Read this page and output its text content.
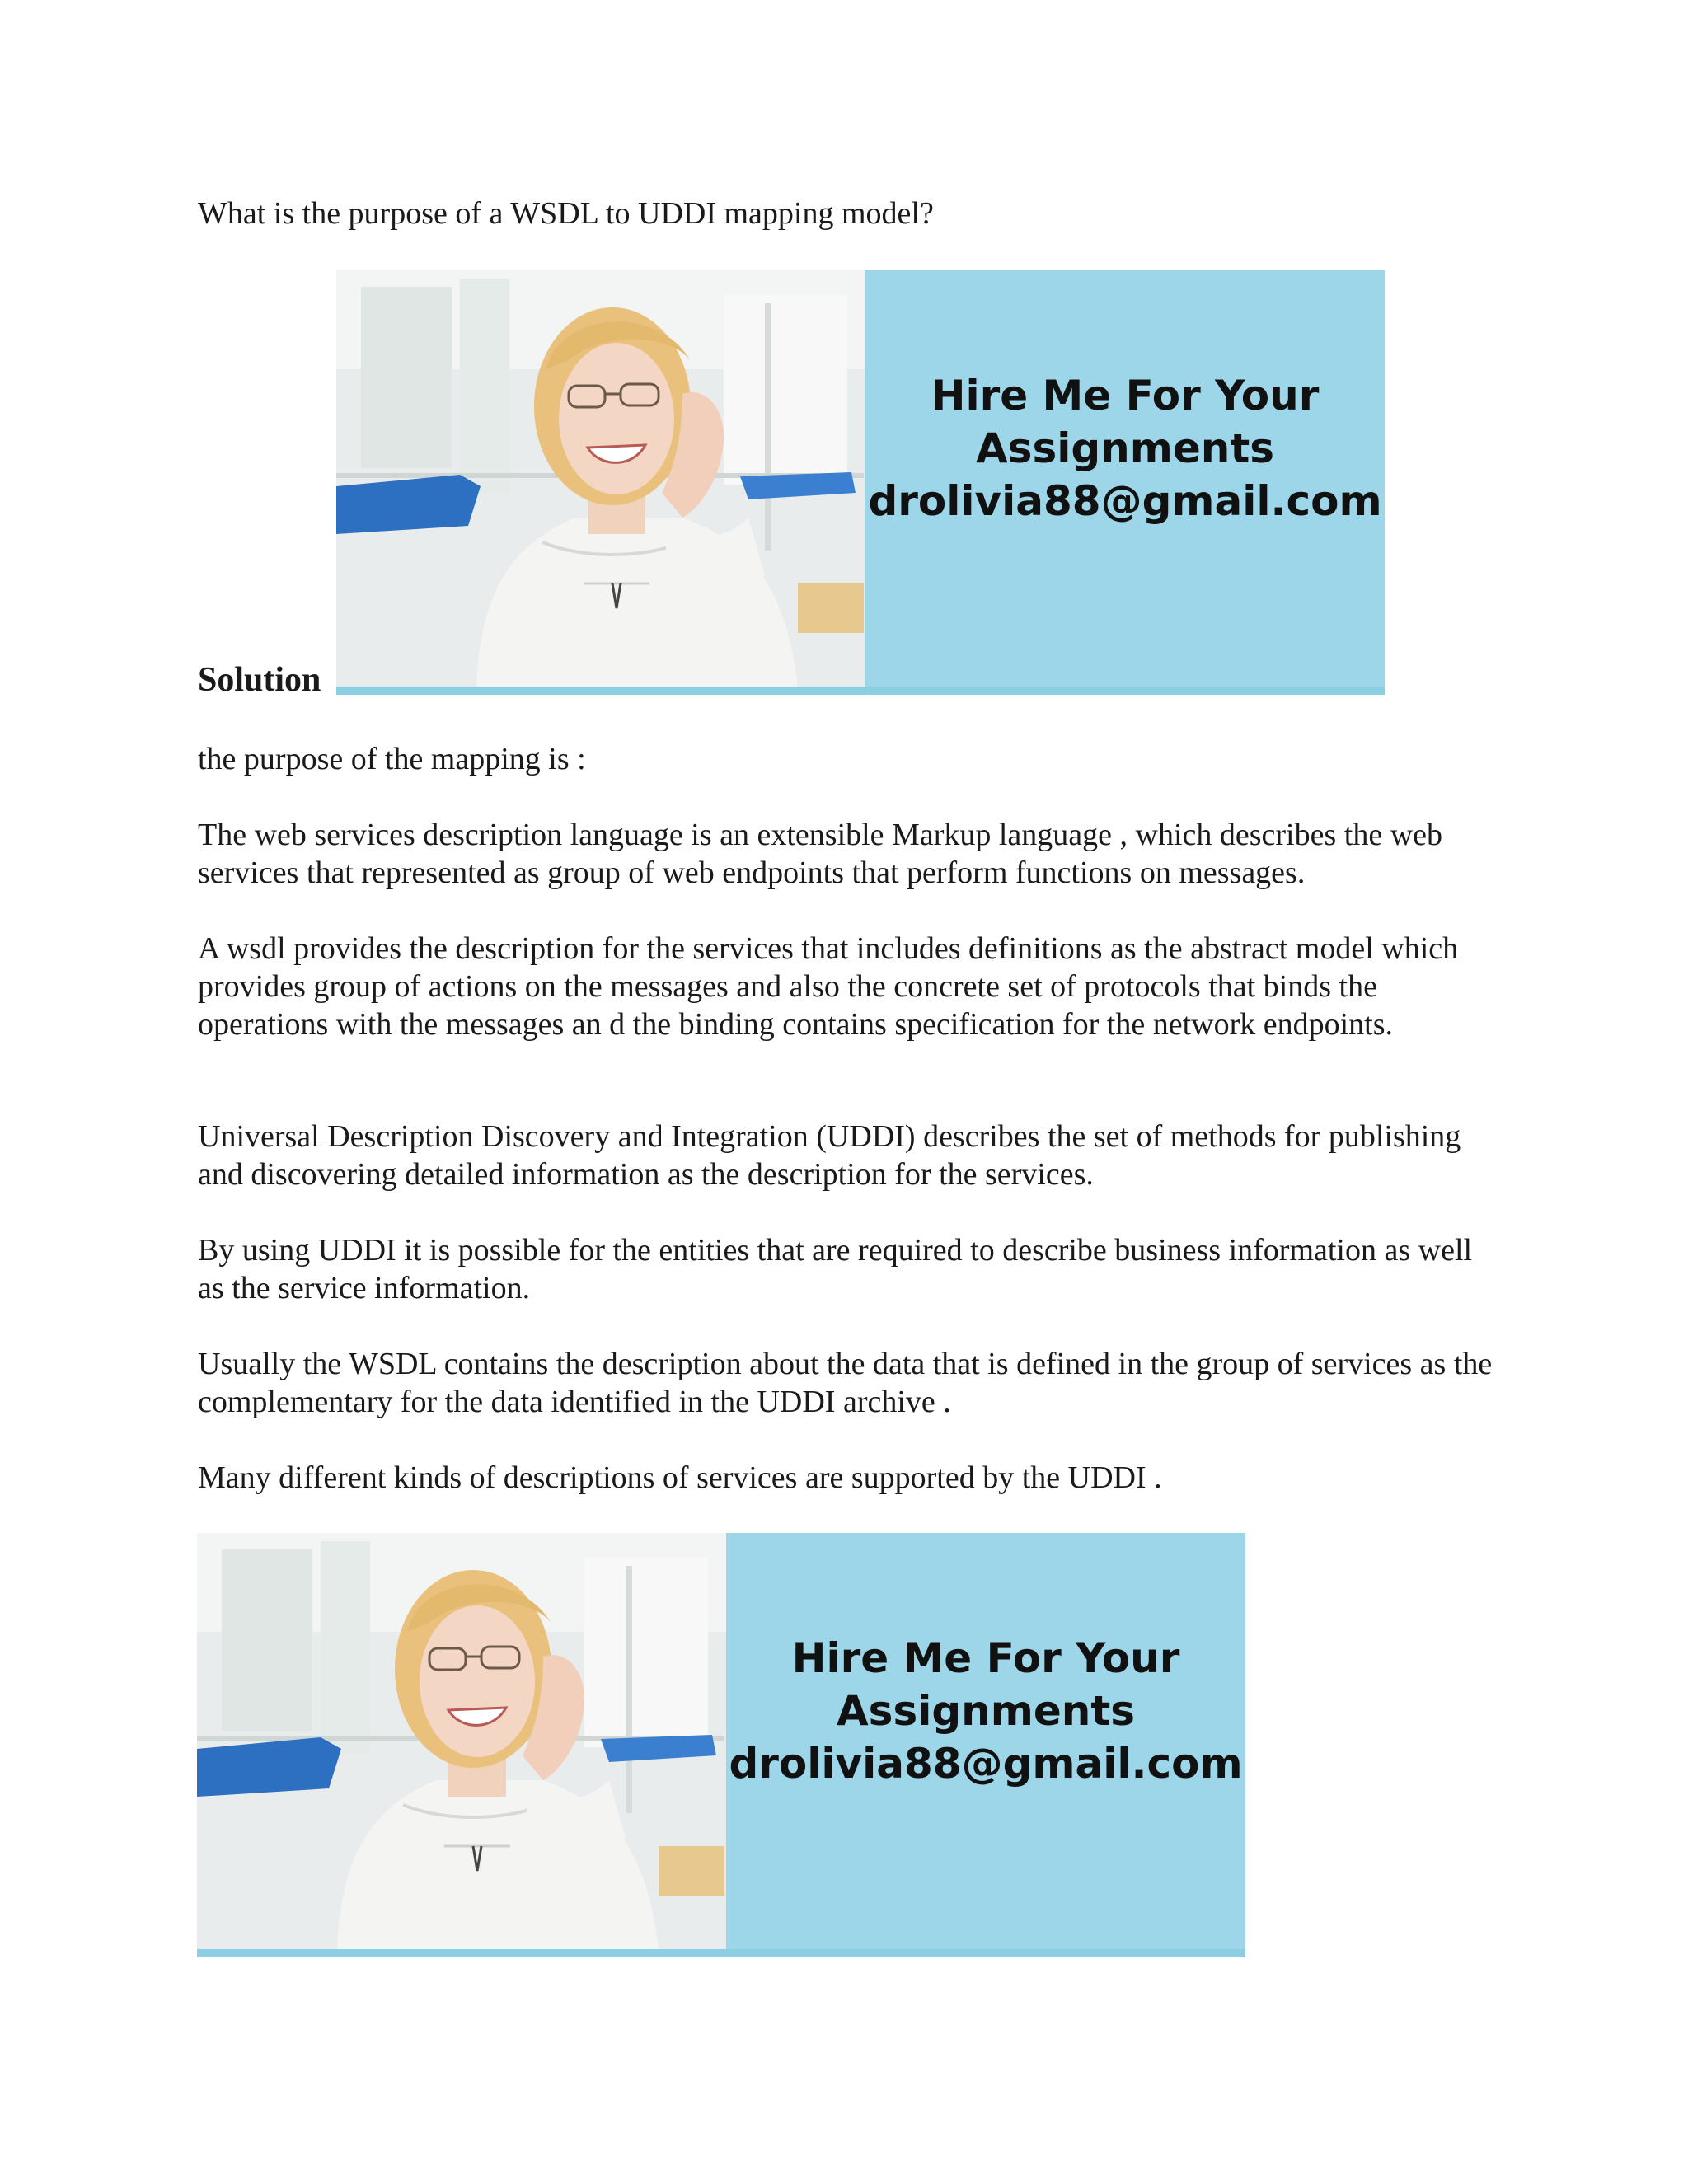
What is the purpose of a WSDL to UDDI mapping model?

Hire Me For Your
Assignments
drolivia88@gmail.com
Solution

the purpose of the mapping is :

The web services description language is an extensible Markup language , which describes the web services that represented as group of web endpoints that perform functions on messages.

A wsdl provides the description for the services that includes definitions as the abstract model which provides group of actions on the messages and also the concrete set of protocols that binds the operations with the messages an d the binding contains specification for the network endpoints.

Universal Description Discovery and Integration (UDDI) describes the set of methods for publishing and discovering detailed information as the description for the services.

By using UDDI it is possible for the entities that are required to describe business information as well as the service information.

Usually the WSDL contains the description about the data that is defined in the group of services as the complementary for the data identified in the UDDI archive .

Many different kinds of descriptions of services are supported by the UDDI .

Hire Me For Your
Assignments
drolivia88@gmail.com
